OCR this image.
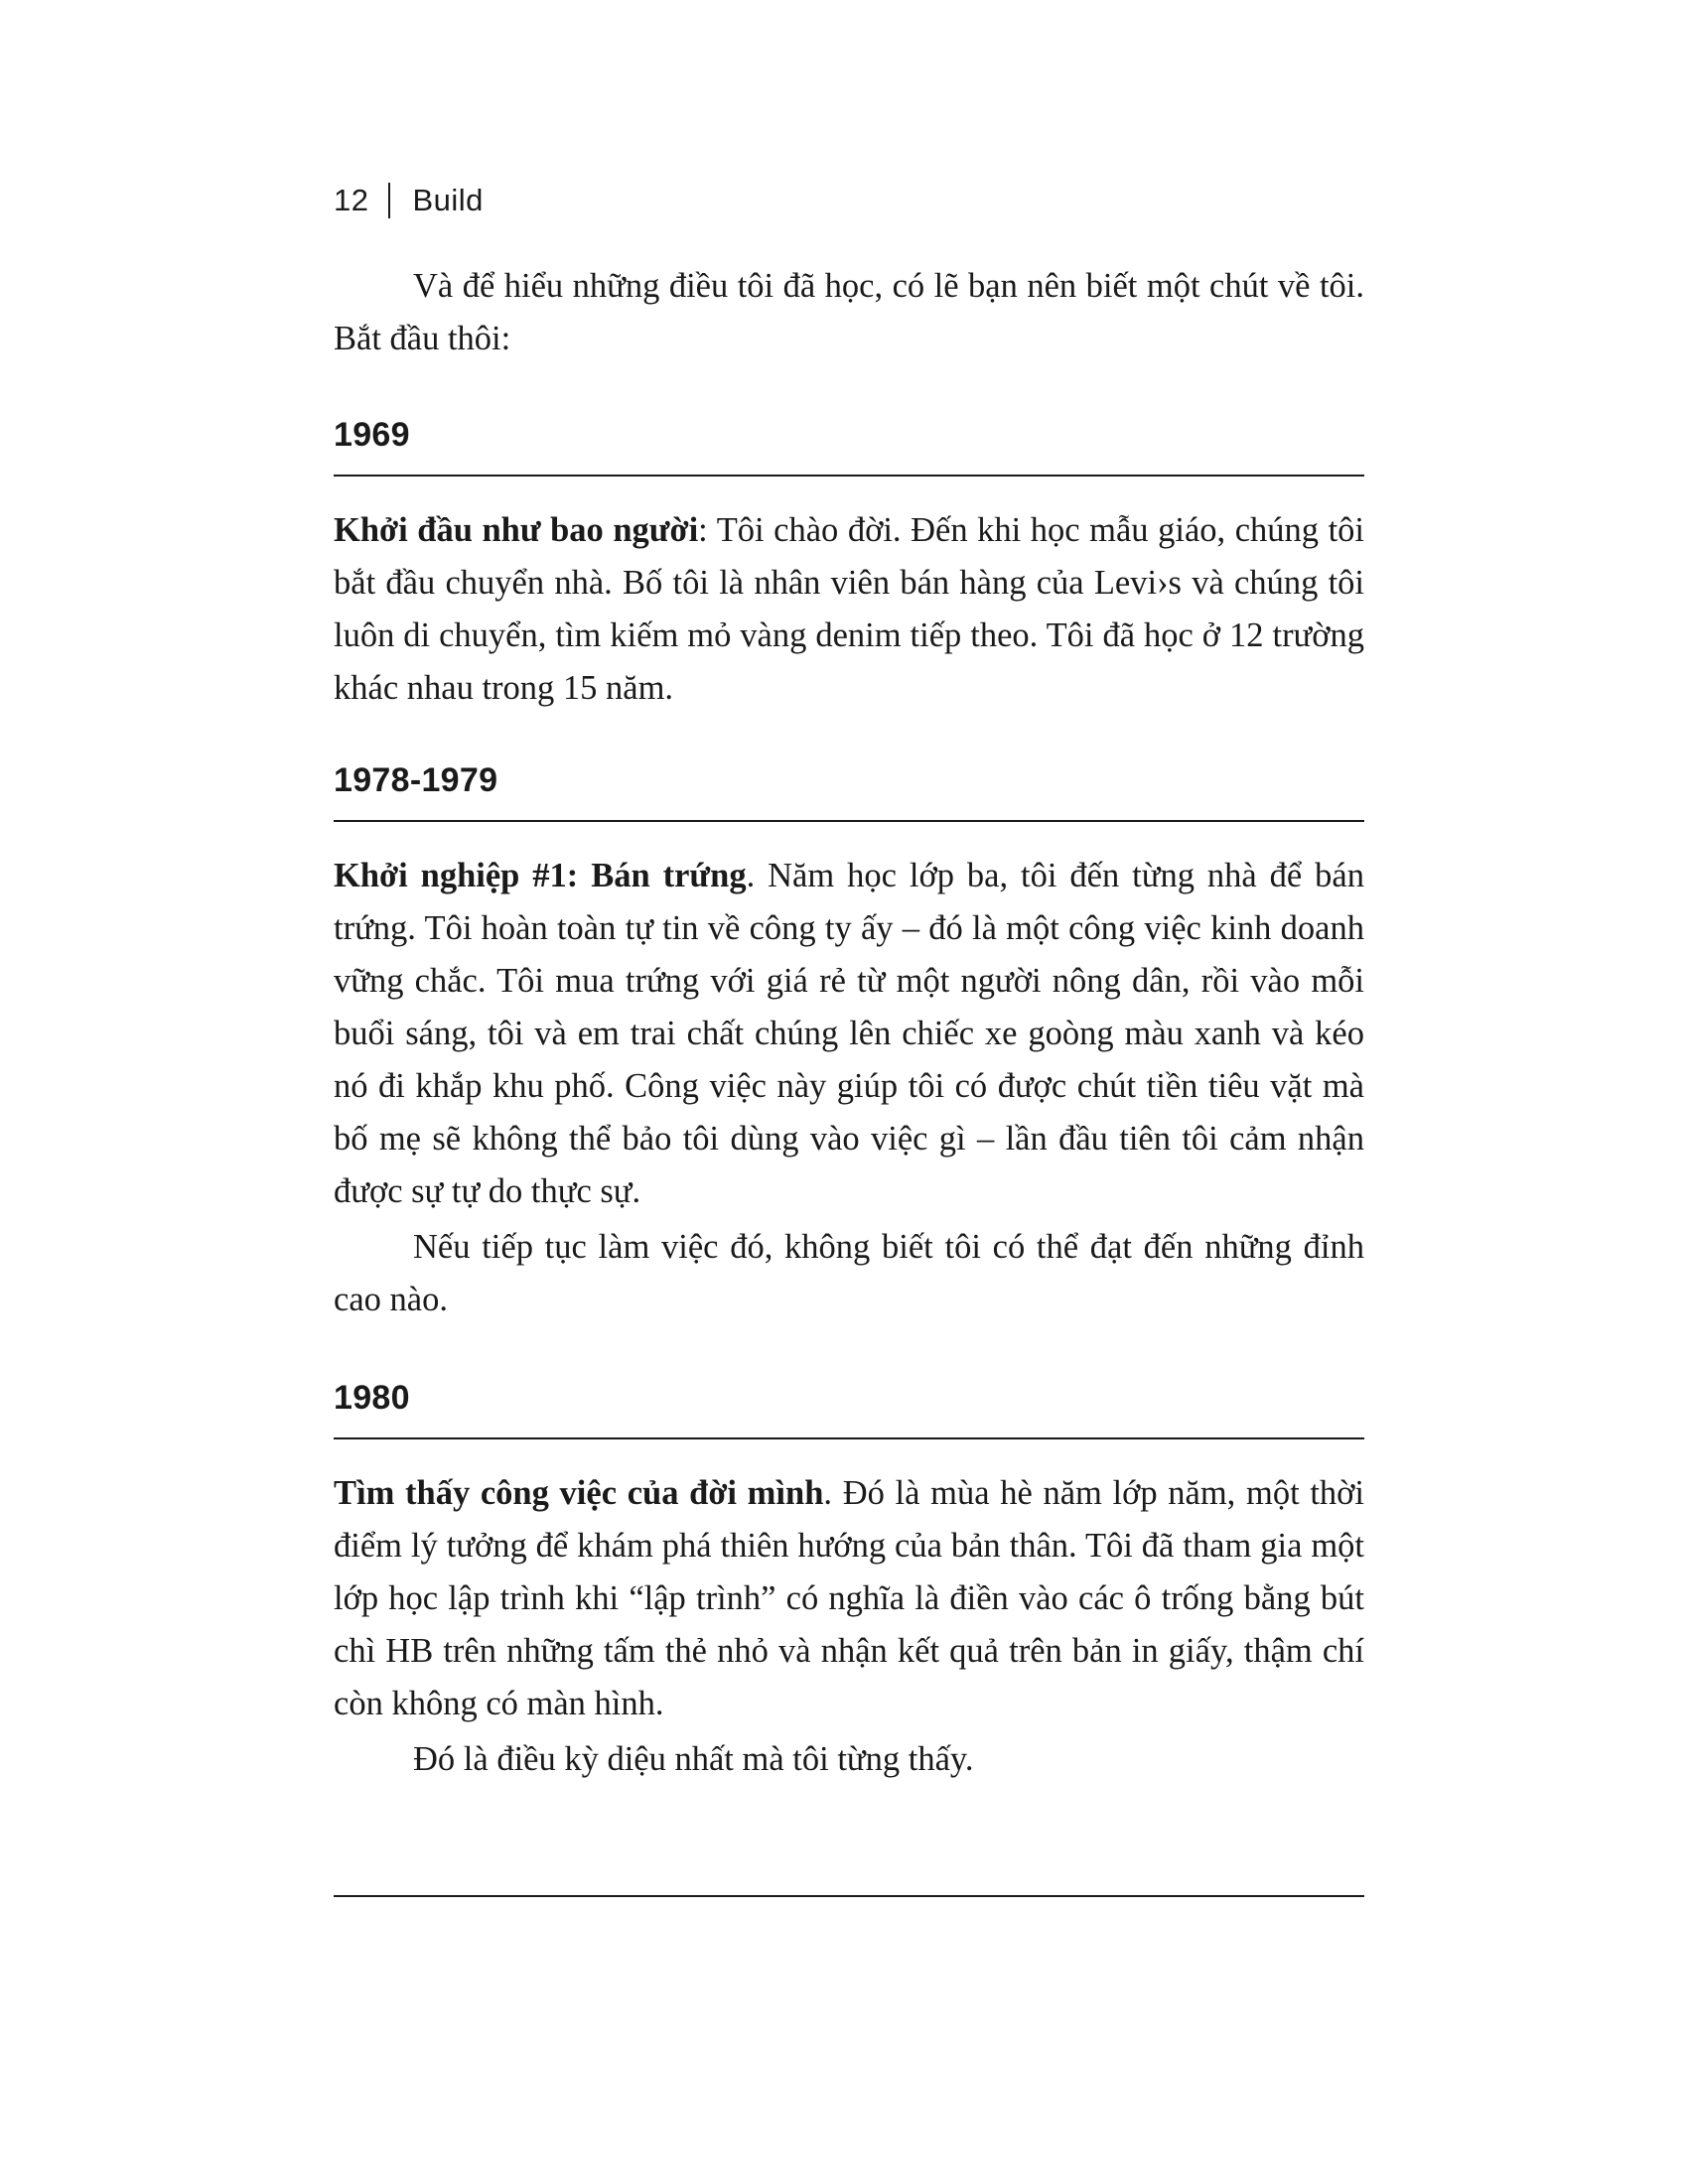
12 Build

Và để hiểu những điều tôi đã học, có lẽ bạn nên biết một chút về tôi. Bắt đầu thôi:

1969

Khởi đầu như bao người: Tôi chào đời. Đến khi học mẫu giáo, chúng tôi bắt đầu chuyển nhà. Bố tôi là nhân viên bán hàng của Levi›s và chúng tôi luôn di chuyển, tìm kiếm mỏ vàng denim tiếp theo. Tôi đã học ở 12 trường khác nhau trong 15 năm.

1978-1979

Khởi nghiệp #1: Bán trứng. Năm học lớp ba, tôi đến từng nhà để bán trứng. Tôi hoàn toàn tự tin về công ty ấy – đó là một công việc kinh doanh vững chắc. Tôi mua trứng với giá rẻ từ một người nông dân, rồi vào mỗi buổi sáng, tôi và em trai chất chúng lên chiếc xe goòng màu xanh và kéo nó đi khắp khu phố. Công việc này giúp tôi có được chút tiền tiêu vặt mà bố mẹ sẽ không thể bảo tôi dùng vào việc gì – lần đầu tiên tôi cảm nhận được sự tự do thực sự.

Nếu tiếp tục làm việc đó, không biết tôi có thể đạt đến những đỉnh cao nào.

1980

Tìm thấy công việc của đời mình. Đó là mùa hè năm lớp năm, một thời điểm lý tưởng để khám phá thiên hướng của bản thân. Tôi đã tham gia một lớp học lập trình khi “lập trình” có nghĩa là điền vào các ô trống bằng bút chì HB trên những tấm thẻ nhỏ và nhận kết quả trên bản in giấy, thậm chí còn không có màn hình.

Đó là điều kỳ diệu nhất mà tôi từng thấy.
